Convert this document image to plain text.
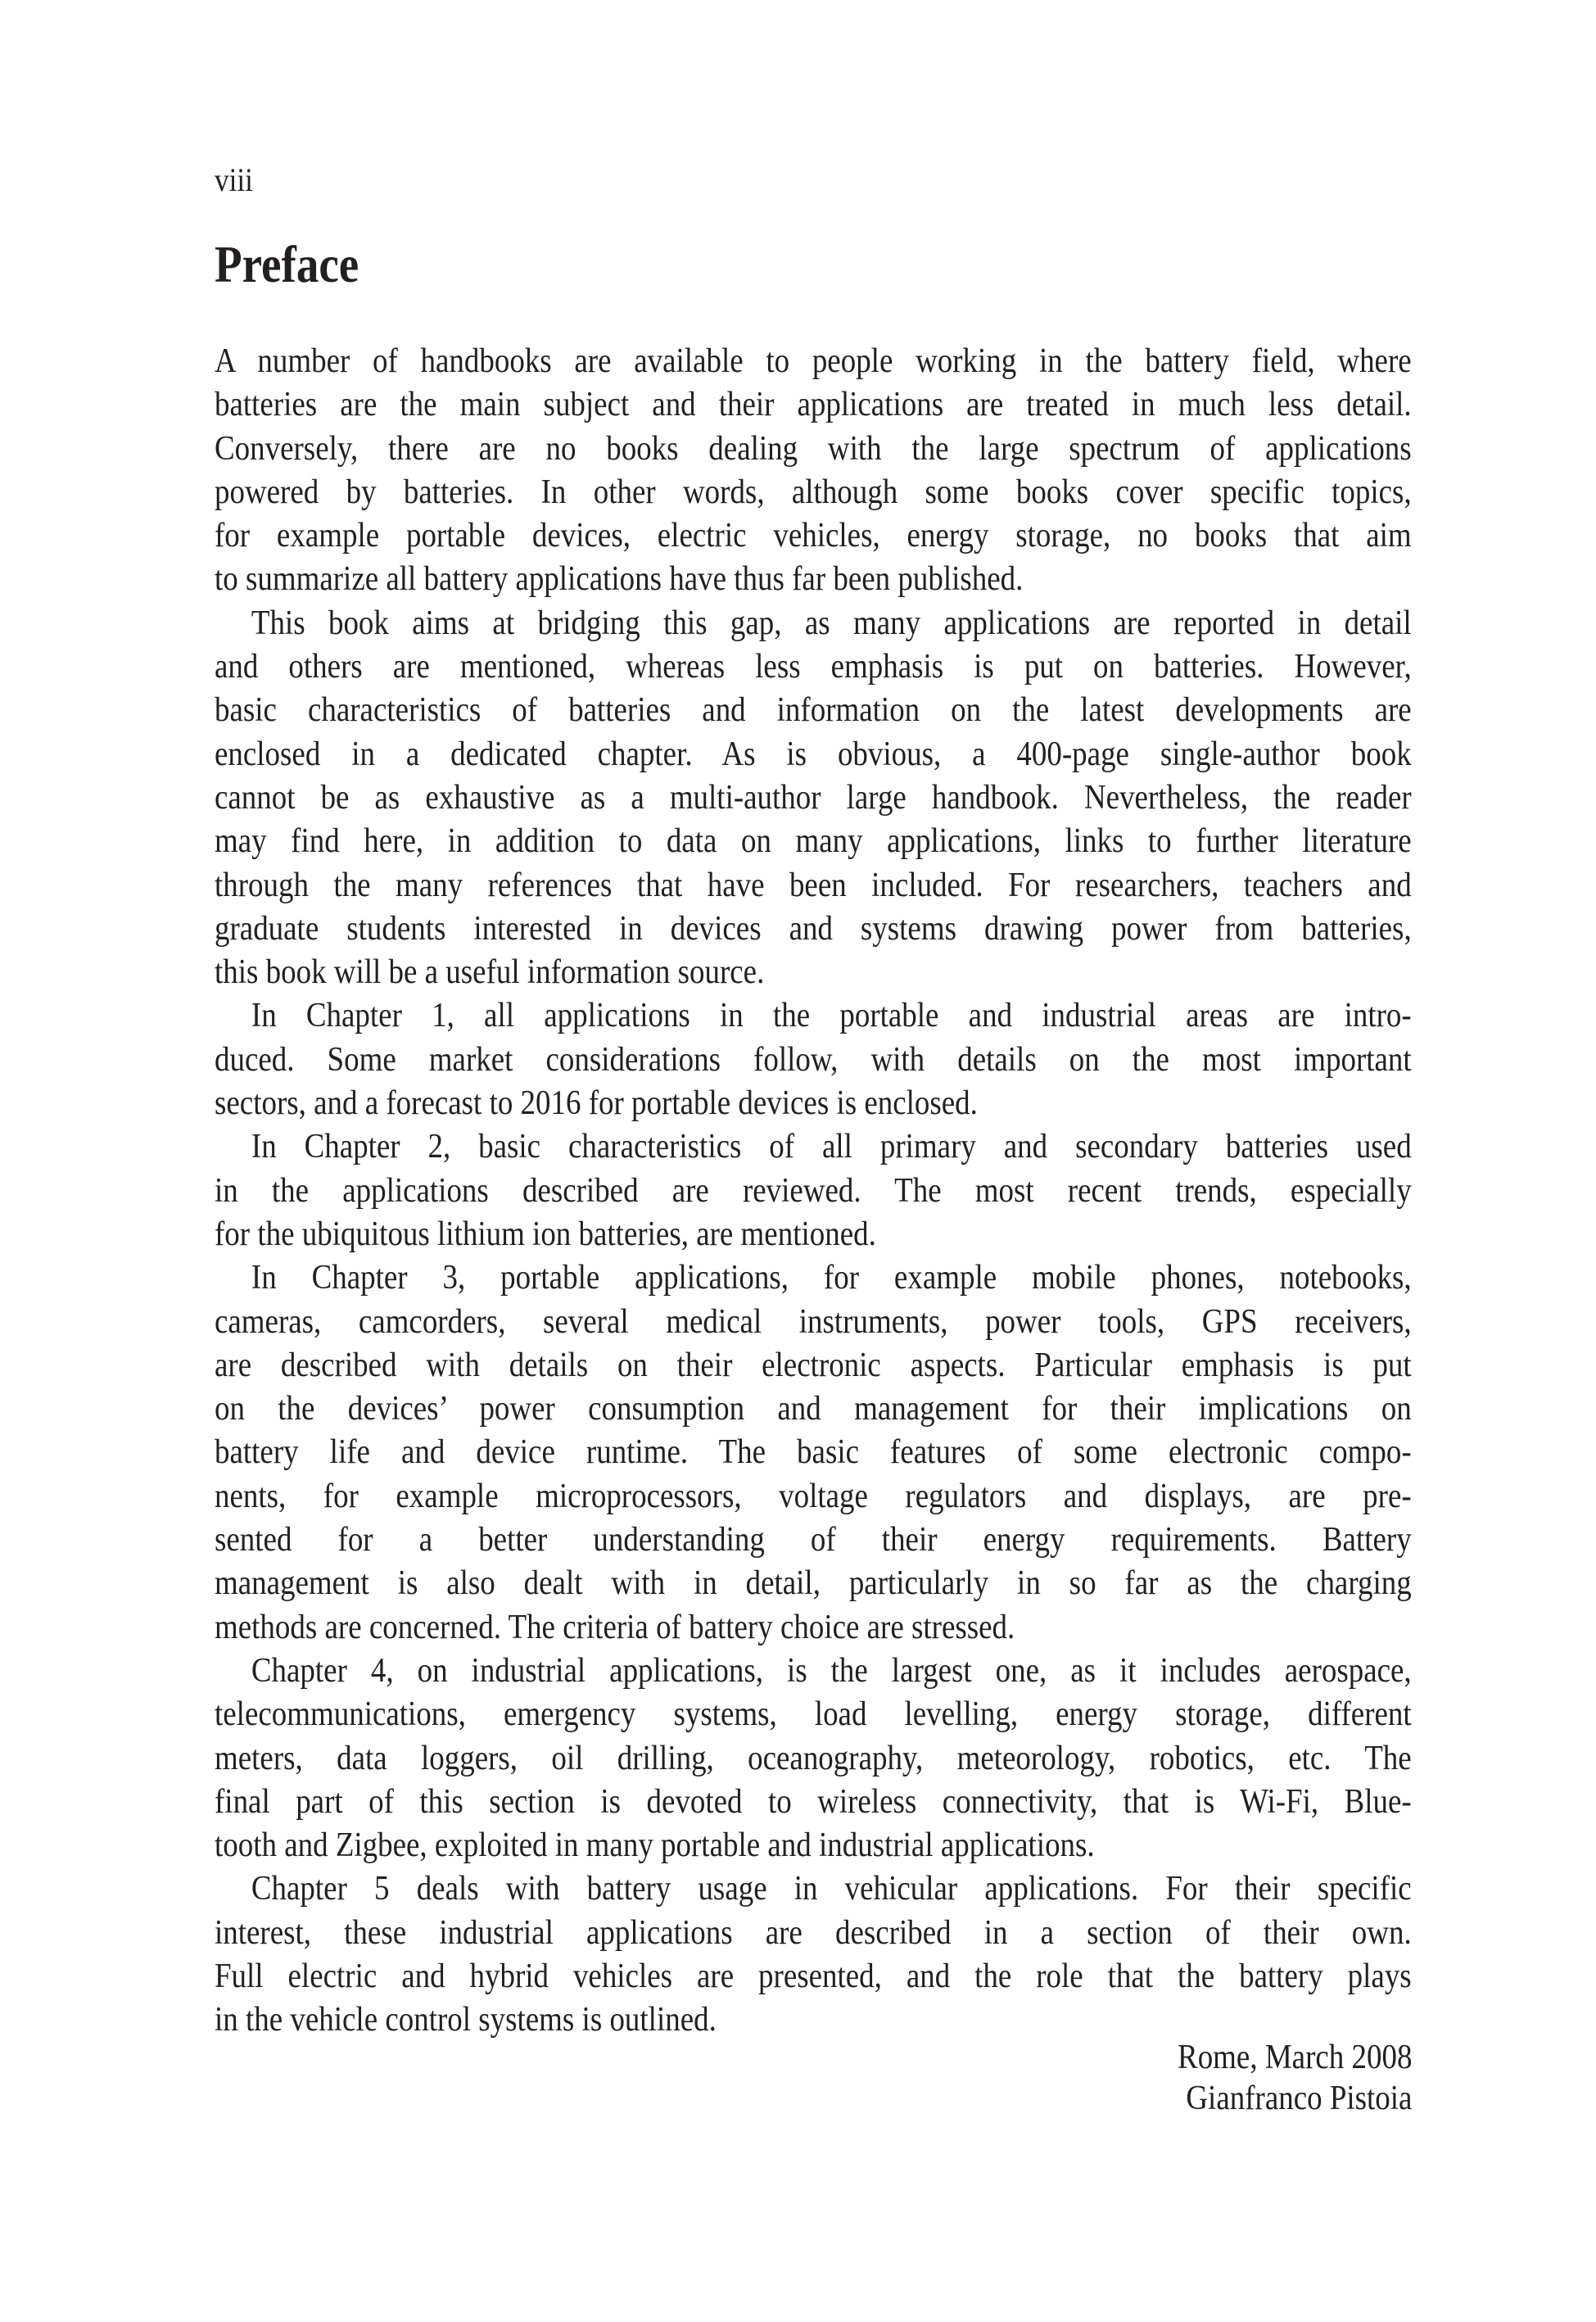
viii
Preface
A number of handbooks are available to people working in the battery field, where
batteries are the main subject and their applications are treated in much less detail.
Conversely, there are no books dealing with the large spectrum of applications
powered by batteries. In other words, although some books cover specific topics,
for example portable devices, electric vehicles, energy storage, no books that aim
to summarize all battery applications have thus far been published.
This book aims at bridging this gap, as many applications are reported in detail
and others are mentioned, whereas less emphasis is put on batteries. However,
basic characteristics of batteries and information on the latest developments are
enclosed in a dedicated chapter. As is obvious, a 400-page single-author book
cannot be as exhaustive as a multi-author large handbook. Nevertheless, the reader
may find here, in addition to data on many applications, links to further literature
through the many references that have been included. For researchers, teachers and
graduate students interested in devices and systems drawing power from batteries,
this book will be a useful information source.
In Chapter 1, all applications in the portable and industrial areas are intro-
duced. Some market considerations follow, with details on the most important
sectors, and a forecast to 2016 for portable devices is enclosed.
In Chapter 2, basic characteristics of all primary and secondary batteries used
in the applications described are reviewed. The most recent trends, especially
for the ubiquitous lithium ion batteries, are mentioned.
In Chapter 3, portable applications, for example mobile phones, notebooks,
cameras, camcorders, several medical instruments, power tools, GPS receivers,
are described with details on their electronic aspects. Particular emphasis is put
on the devices’ power consumption and management for their implications on
battery life and device runtime. The basic features of some electronic compo-
nents, for example microprocessors, voltage regulators and displays, are pre-
sented for a better understanding of their energy requirements. Battery
management is also dealt with in detail, particularly in so far as the charging
methods are concerned. The criteria of battery choice are stressed.
Chapter 4, on industrial applications, is the largest one, as it includes aerospace,
telecommunications, emergency systems, load levelling, energy storage, different
meters, data loggers, oil drilling, oceanography, meteorology, robotics, etc. The
final part of this section is devoted to wireless connectivity, that is Wi-Fi, Blue-
tooth and Zigbee, exploited in many portable and industrial applications.
Chapter 5 deals with battery usage in vehicular applications. For their specific
interest, these industrial applications are described in a section of their own.
Full electric and hybrid vehicles are presented, and the role that the battery plays
in the vehicle control systems is outlined.
Rome, March 2008
Gianfranco Pistoia
